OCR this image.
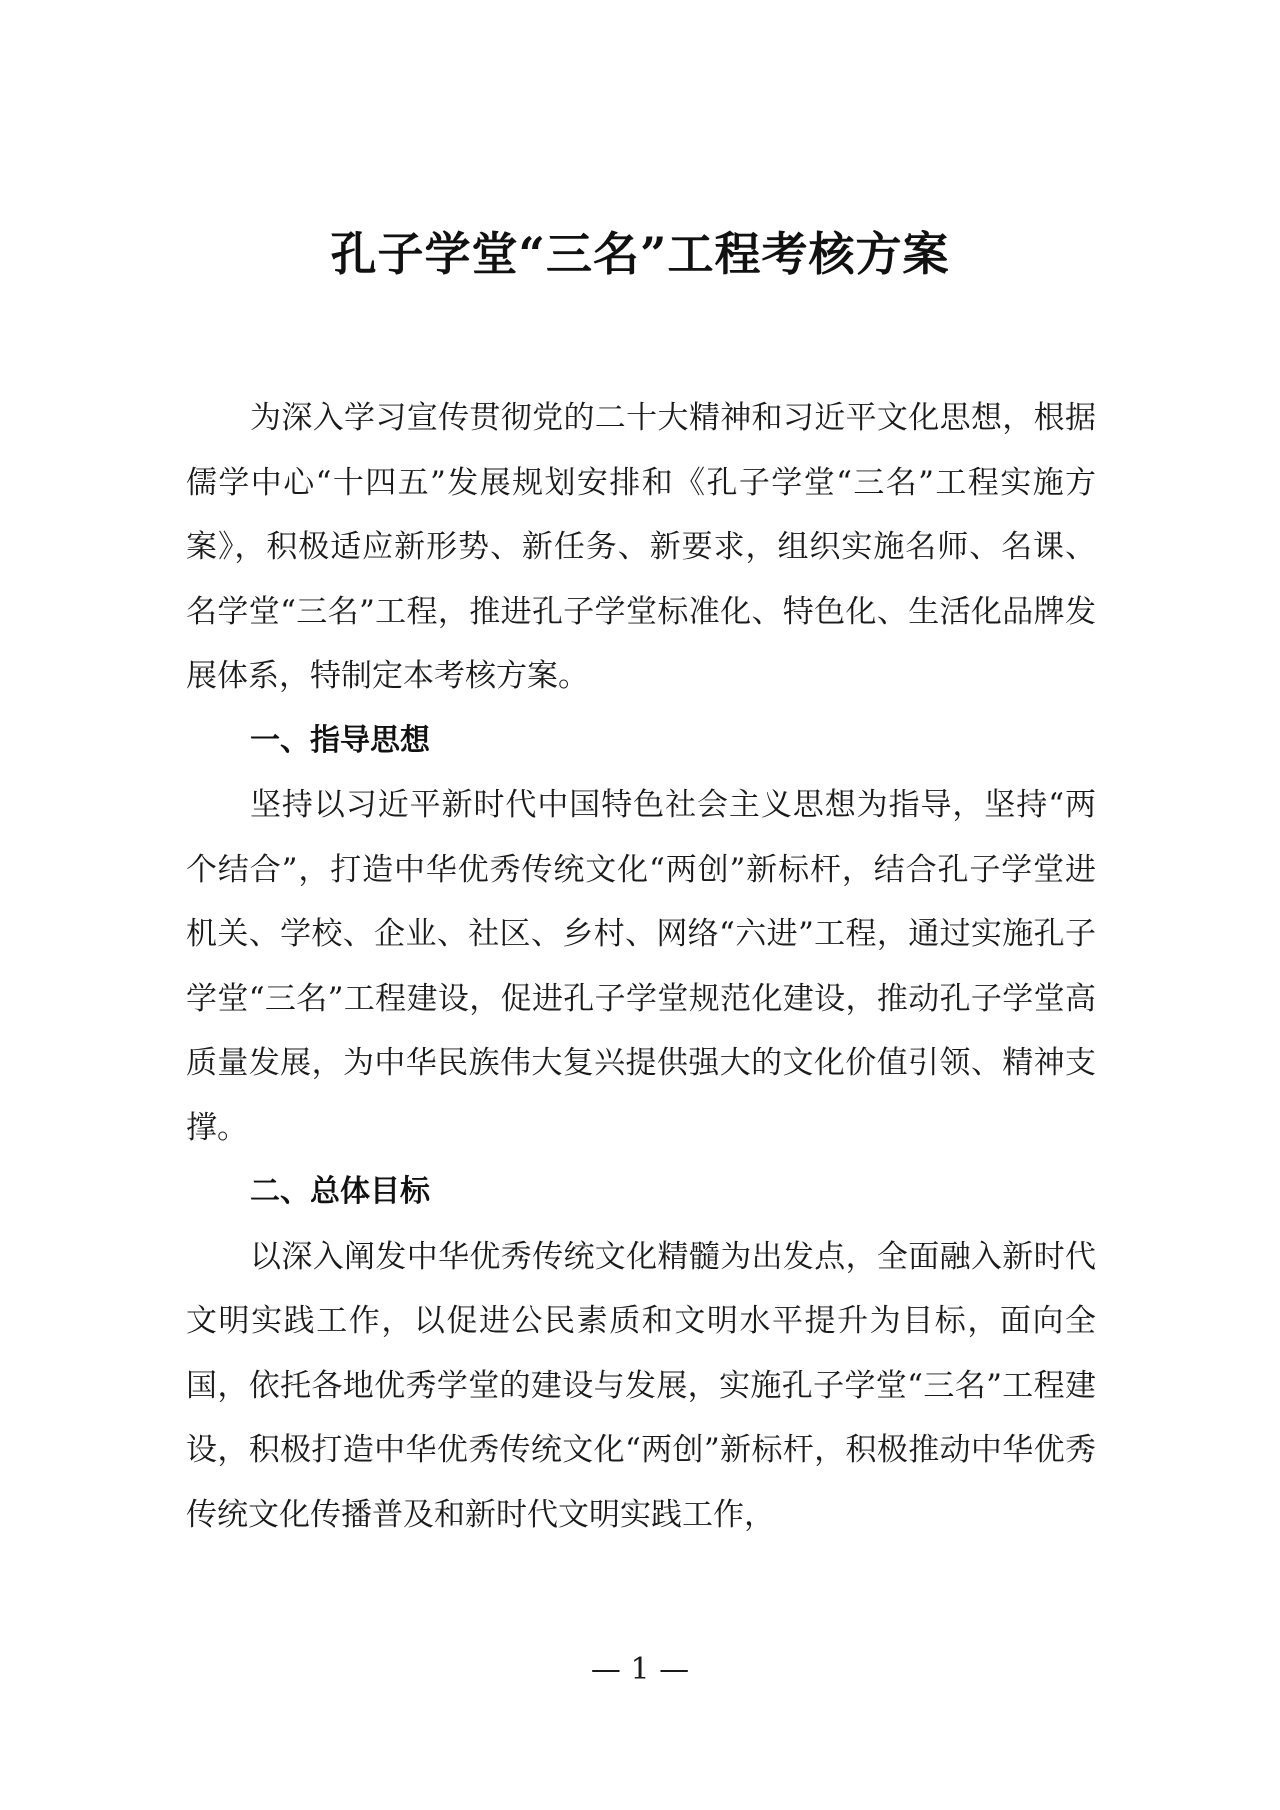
孔子学堂“三名”工程考核方案

为深入学习宣传贯彻党的二十大精神和习近平文化思想，根据儒学中心“十四五”发展规划安排和《孔子学堂“三名”工程实施方案》，积极适应新形势、新任务、新要求，组织实施名师、名课、名学堂“三名”工程，推进孔子学堂标准化、特色化、生活化品牌发展体系，特制定本考核方案。

一、指导思想

坚持以习近平新时代中国特色社会主义思想为指导，坚持“两个结合”，打造中华优秀传统文化“两创”新标杆，结合孔子学堂进机关、学校、企业、社区、乡村、网络“六进”工程，通过实施孔子学堂“三名”工程建设，促进孔子学堂规范化建设，推动孔子学堂高质量发展，为中华民族伟大复兴提供强大的文化价值引领、精神支撑。

二、总体目标

以深入阐发中华优秀传统文化精髓为出发点，全面融入新时代文明实践工作，以促进公民素质和文明水平提升为目标，面向全国，依托各地优秀学堂的建设与发展，实施孔子学堂“三名”工程建设，积极打造中华优秀传统文化“两创”新标杆，积极推动中华优秀传统文化传播普及和新时代文明实践工作，

— 1 —
